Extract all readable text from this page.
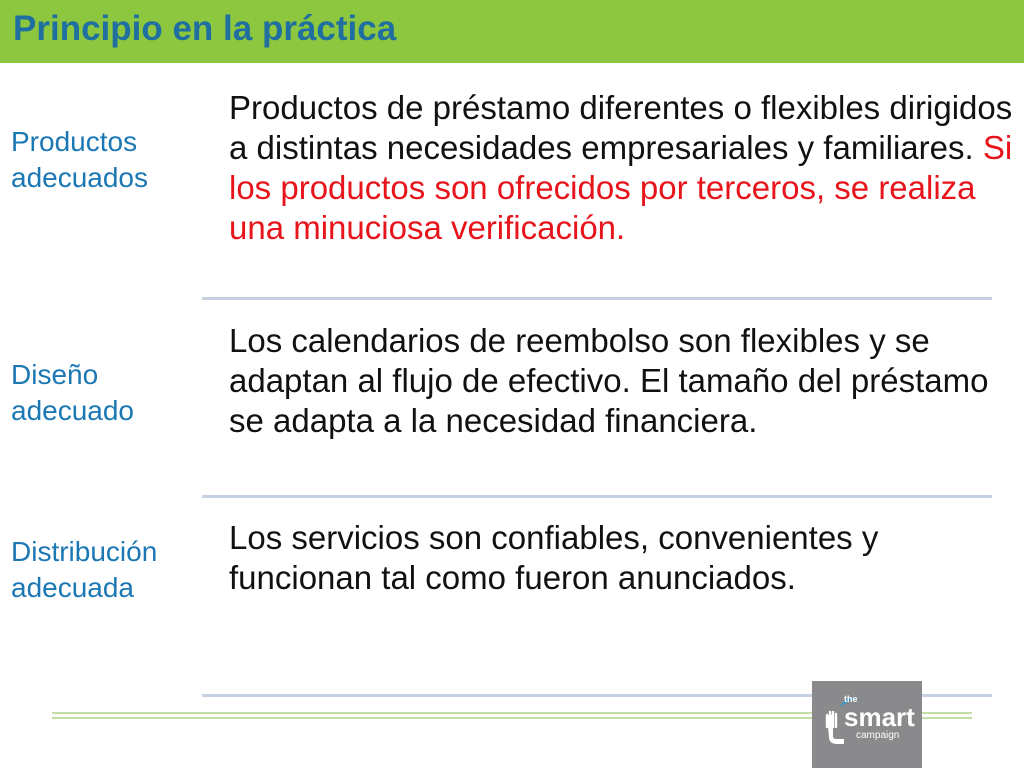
Principio en la práctica

Productos
adecuados

Productos de préstamo diferentes o flexibles dirigidos a distintas necesidades empresariales y familiares. Si los productos son ofrecidos por terceros, se realiza una minuciosa verificación.

Diseño
adecuado

Los calendarios de reembolso son flexibles y se adaptan al flujo de efectivo. El tamaño del préstamo se adapta a la necesidad financiera.

Distribución
adecuada

Los servicios son confiables, convenientes y funcionan tal como fueron anunciados.

the
smart
campaign
